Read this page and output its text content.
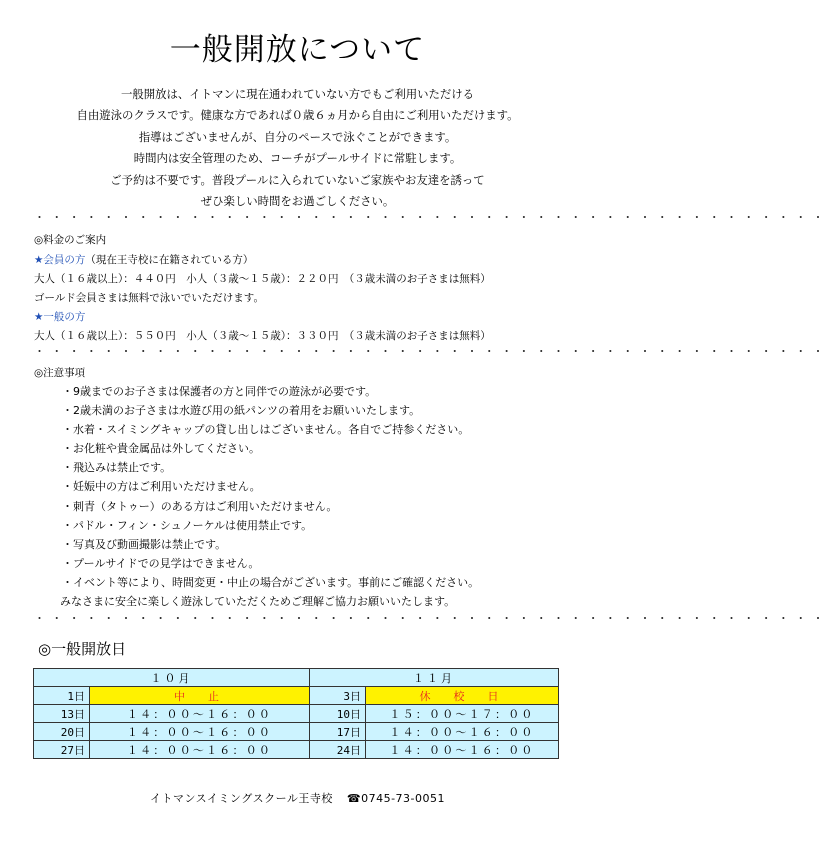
一般開放について
一般開放は、イトマンに現在通われていない方でもご利用いただける
自由遊泳のクラスです。健康な方であれば０歳６ヵ月から自由にご利用いただけます。
指導はございませんが、自分のペースで泳ぐことができます。
時間内は安全管理のため、コーチがプールサイドに常駐します。
ご予約は不要です。普段プールに入られていないご家族やお友達を誘って
ぜひ楽しい時間をお過ごしください。
・・・・・・・・・・・・・・・・・・・・・・・・・・・・・・・・・・・・・・・・・・・・・・
◎料金のご案内
★会員の方（現在王寺校に在籍されている方）
大人（１６歳以上）：４４０円　小人（３歳～１５歳）：２２０円　（３歳未満のお子さまは無料）
ゴールド会員さまは無料で泳いでいただけます。
★一般の方
大人（１６歳以上）：５５０円　小人（３歳～１５歳）：３３０円　（３歳未満のお子さまは無料）
・・・・・・・・・・・・・・・・・・・・・・・・・・・・・・・・・・・・・・・・・・・・・・
◎注意事項
・9歳までのお子さまは保護者の方と同伴での遊泳が必要です。
・2歳未満のお子さまは水遊び用の紙パンツの着用をお願いいたします。
・水着・スイミングキャップの貸し出しはございません。各自でご持参ください。
・お化粧や貴金属品は外してください。
・飛込みは禁止です。
・妊娠中の方はご利用いただけません。
・刺青（タトゥー）のある方はご利用いただけません。
・パドル・フィン・シュノーケルは使用禁止です。
・写真及び動画撮影は禁止です。
・プールサイドでの見学はできません。
・イベント等により、時間変更・中止の場合がございます。事前にご確認ください。
みなさまに安全に楽しく遊泳していただくためご理解ご協力お願いいたします。
・・・・・・・・・・・・・・・・・・・・・・・・・・・・・・・・・・・・・・・・・・・・・・
◎一般開放日
１０月		１１月	
1日	中　止	3日	休　校　日
13日	１４：００～１６：００	10日	１５：００～１７：００
20日	１４：００～１６：００	17日	１４：００～１６：００
27日	１４：００～１６：００	24日	１４：００～１６：００
イトマンスイミングスクール王寺校 ☎0745-73-0051
